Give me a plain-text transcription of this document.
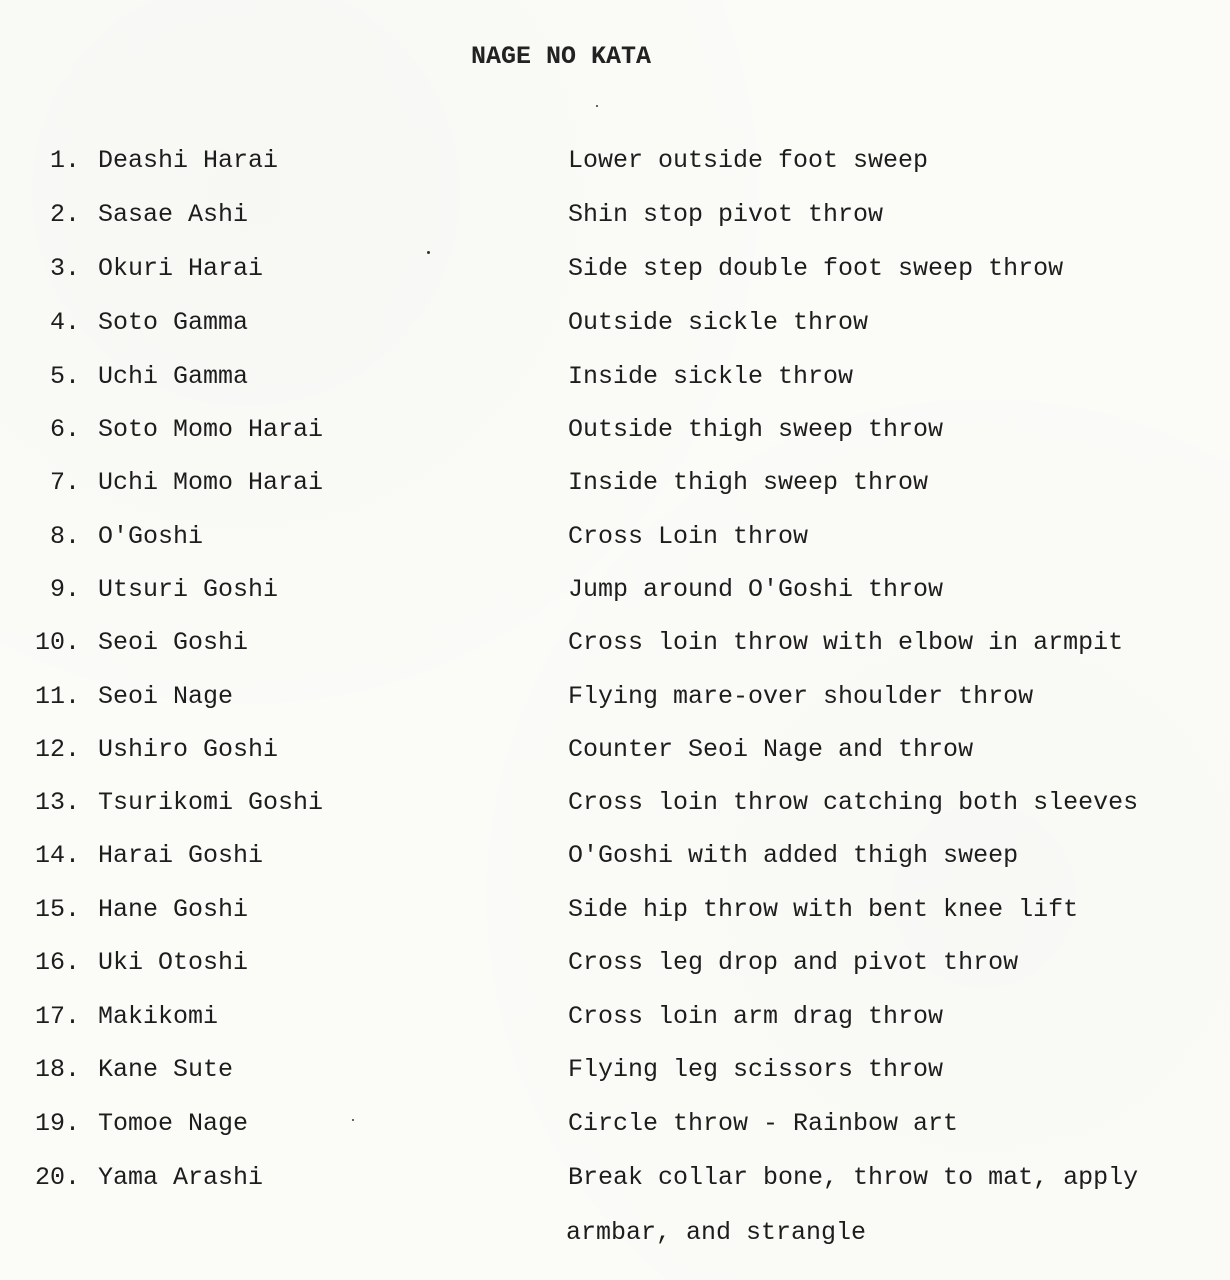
NAGE NO KATA
1. Deashi Harai	Lower outside foot sweep
2. Sasae Ashi	Shin stop pivot throw
3. Okuri Harai	Side step double foot sweep throw
4. Soto Gamma	Outside sickle throw
5. Uchi Gamma	Inside sickle throw
6. Soto Momo Harai	Outside thigh sweep throw
7. Uchi Momo Harai	Inside thigh sweep throw
8. O'Goshi	Cross Loin throw
9. Utsuri Goshi	Jump around O'Goshi throw
10. Seoi Goshi	Cross loin throw with elbow in armpit
11. Seoi Nage	Flying mare-over shoulder throw
12. Ushiro Goshi	Counter Seoi Nage and throw
13. Tsurikomi Goshi	Cross loin throw catching both sleeves
14. Harai Goshi	O'Goshi with added thigh sweep
15. Hane Goshi	Side hip throw with bent knee lift
16. Uki Otoshi	Cross leg drop and pivot throw
17. Makikomi	Cross loin arm drag throw
18. Kane Sute	Flying leg scissors throw
19. Tomoe Nage	Circle throw - Rainbow art
20. Yama Arashi	Break collar bone, throw to mat, apply
armbar, and strangle
